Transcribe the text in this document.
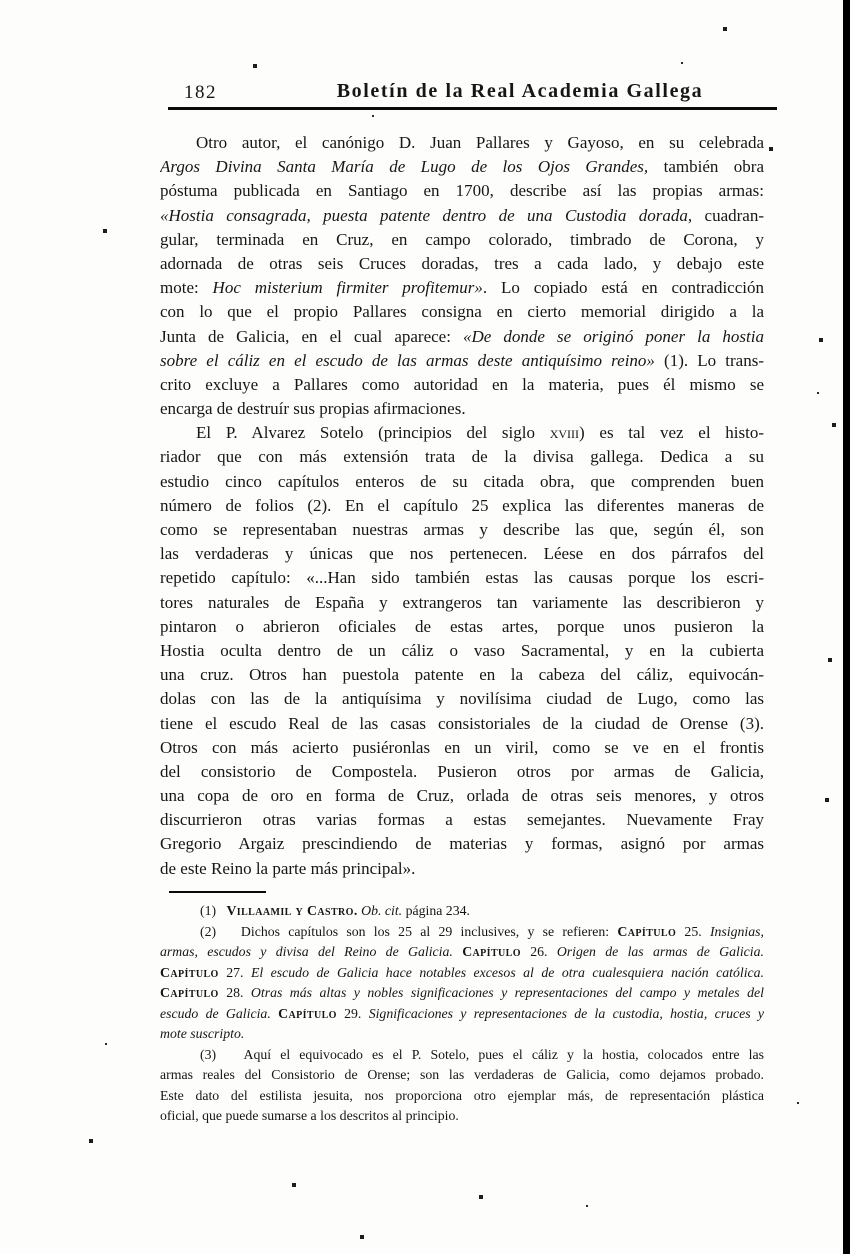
182	Boletín de la Real Academia Gallega
Otro autor, el canónigo D. Juan Pallares y Gayoso, en su celebrada
Argos Divina Santa María de Lugo de los Ojos Grandes, también obra
póstuma publicada en Santiago en 1700, describe así las propias armas:
«Hostia consagrada, puesta patente dentro de una Custodia dorada, cuadran-
gular, terminada en Cruz, en campo colorado, timbrado de Corona, y
adornada de otras seis Cruces doradas, tres a cada lado, y debajo este
mote: Hoc misterium firmiter profitemur». Lo copiado está en contradicción
con lo que el propio Pallares consigna en cierto memorial dirigido a la
Junta de Galicia, en el cual aparece: «De donde se originó poner la hostia
sobre el cáliz en el escudo de las armas deste antiquísimo reino» (1). Lo trans-
crito excluye a Pallares como autoridad en la materia, pues él mismo se
encarga de destruír sus propias afirmaciones.
El P. Alvarez Sotelo (principios del siglo xviii) es tal vez el histo-
riador que con más extensión trata de la divisa gallega. Dedica a su
estudio cinco capítulos enteros de su citada obra, que comprenden buen
número de folios (2). En el capítulo 25 explica las diferentes maneras de
como se representaban nuestras armas y describe las que, según él, son
las verdaderas y únicas que nos pertenecen. Léese en dos párrafos del
repetido capítulo: «...Han sido también estas las causas porque los escri-
tores naturales de España y extrangeros tan variamente las describieron y
pintaron o abrieron oficiales de estas artes, porque unos pusieron la
Hostia oculta dentro de un cáliz o vaso Sacramental, y en la cubierta
una cruz. Otros han puestola patente en la cabeza del cáliz, equivocán-
dolas con las de la antiquísima y novilísima ciudad de Lugo, como las
tiene el escudo Real de las casas consistoriales de la ciudad de Orense (3).
Otros con más acierto pusiéronlas en un viril, como se ve en el frontis
del consistorio de Compostela. Pusieron otros por armas de Galicia,
una copa de oro en forma de Cruz, orlada de otras seis menores, y otros
discurrieron otras varias formas a estas semejantes. Nuevamente Fray
Gregorio Argaiz prescindiendo de materias y formas, asignó por armas
de este Reino la parte más principal».
(1)   Villaamil y Castro. Ob. cit. página 234.
(2)   Dichos capítulos son los 25 al 29 inclusives, y se refieren: Capítulo 25. Insignias,
armas, escudos y divisa del Reino de Galicia. Capítulo 26. Origen de las armas de Galicia.
Capítulo 27. El escudo de Galicia hace notables excesos al de otra cualesquiera nación católica.
Capítulo 28. Otras más altas y nobles significaciones y representaciones del campo y metales del
escudo de Galicia. Capítulo 29. Significaciones y representaciones de la custodia, hostia, cruces y
mote suscripto.
(3)   Aquí el equivocado es el P. Sotelo, pues el cáliz y la hostia, colocados entre las
armas reales del Consistorio de Orense; son las verdaderas de Galicia, como dejamos probado.
Este dato del estilista jesuita, nos proporciona otro ejemplar más, de representación plástica
oficial, que puede sumarse a los descritos al principio.
